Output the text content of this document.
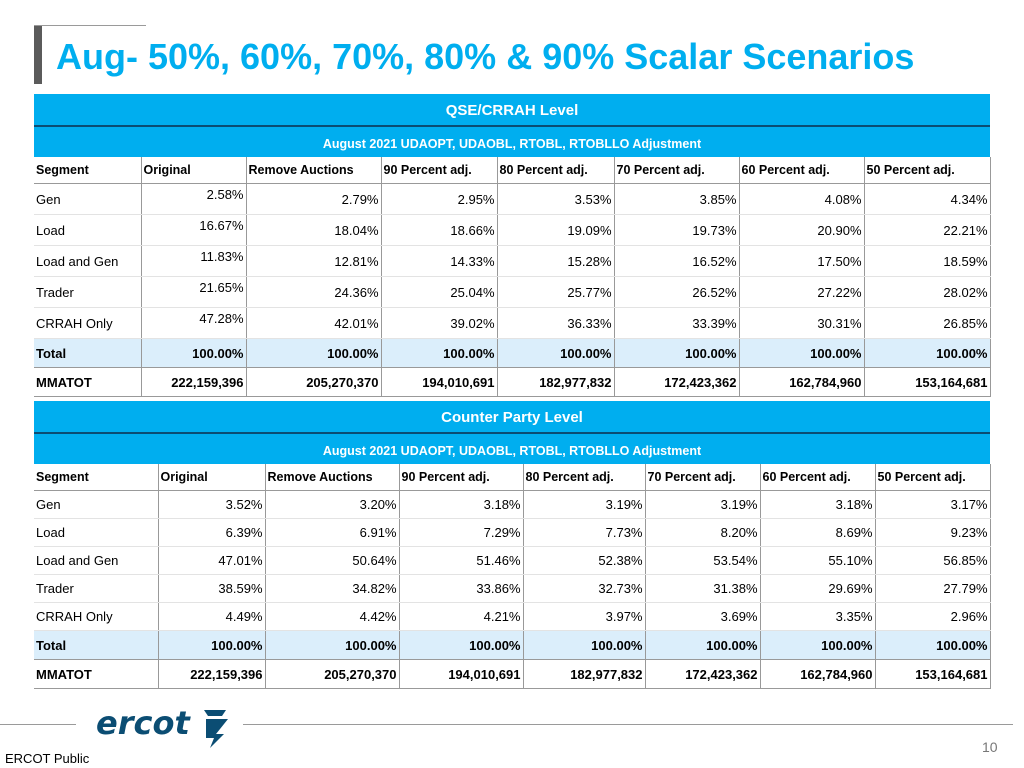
Aug- 50%, 60%, 70%, 80% & 90% Scalar Scenarios
QSE/CRRAH Level
August 2021 UDAOPT, UDAOBL, RTOBL, RTOBLLO Adjustment
Segment	Original	Remove Auctions	90 Percent adj.	80 Percent adj.	70 Percent adj.	60 Percent adj.	50 Percent adj.
Gen	2.58%	2.79%	2.95%	3.53%	3.85%	4.08%	4.34%
Load	16.67%	18.04%	18.66%	19.09%	19.73%	20.90%	22.21%
Load and Gen	11.83%	12.81%	14.33%	15.28%	16.52%	17.50%	18.59%
Trader	21.65%	24.36%	25.04%	25.77%	26.52%	27.22%	28.02%
CRRAH Only	47.28%	42.01%	39.02%	36.33%	33.39%	30.31%	26.85%
Total	100.00%	100.00%	100.00%	100.00%	100.00%	100.00%	100.00%
MMATOT	222,159,396	205,270,370	194,010,691	182,977,832	172,423,362	162,784,960	153,164,681
Counter Party Level
August 2021 UDAOPT, UDAOBL, RTOBL, RTOBLLO Adjustment
Segment	Original	Remove Auctions	90 Percent adj.	80 Percent adj.	70 Percent adj.	60 Percent adj.	50 Percent adj.
Gen	3.52%	3.20%	3.18%	3.19%	3.19%	3.18%	3.17%
Load	6.39%	6.91%	7.29%	7.73%	8.20%	8.69%	9.23%
Load and Gen	47.01%	50.64%	51.46%	52.38%	53.54%	55.10%	56.85%
Trader	38.59%	34.82%	33.86%	32.73%	31.38%	29.69%	27.79%
CRRAH Only	4.49%	4.42%	4.21%	3.97%	3.69%	3.35%	2.96%
Total	100.00%	100.00%	100.00%	100.00%	100.00%	100.00%	100.00%
MMATOT	222,159,396	205,270,370	194,010,691	182,977,832	172,423,362	162,784,960	153,164,681
ercot
10
ERCOT Public
